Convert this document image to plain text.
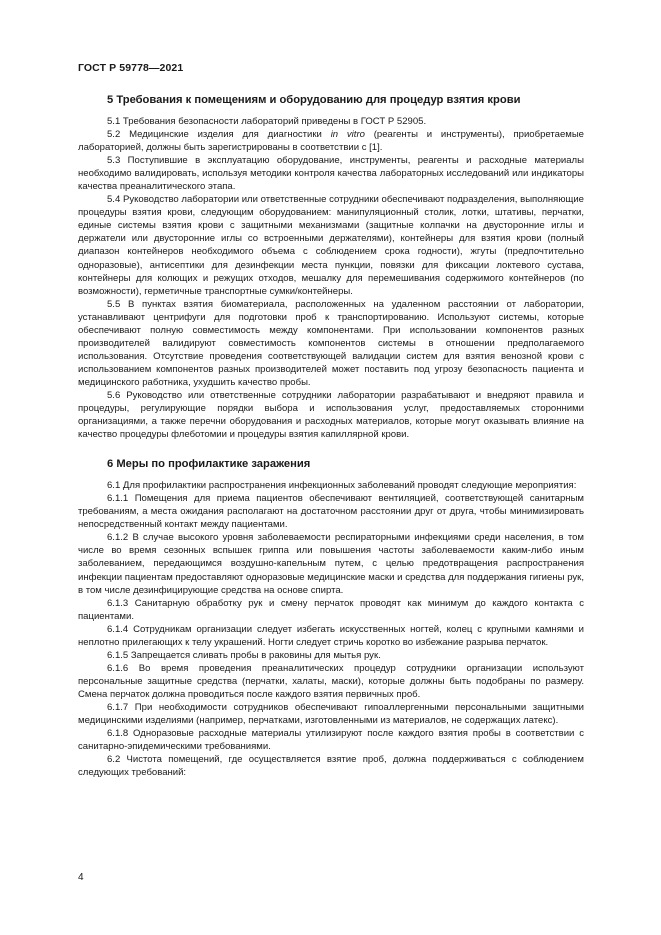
ГОСТ Р 59778—2021
5 Требования к помещениям и оборудованию для процедур взятия крови

5.1 Требования безопасности лабораторий приведены в ГОСТ Р 52905.

5.2 Медицинские изделия для диагностики in vitro (реагенты и инструменты), приобретаемые лабораторией, должны быть зарегистрированы в соответствии с [1].

5.3 Поступившие в эксплуатацию оборудование, инструменты, реагенты и расходные материалы необходимо валидировать, используя методики контроля качества лабораторных исследований или индикаторы качества преаналитического этапа.

5.4 Руководство лаборатории или ответственные сотрудники обеспечивают подразделения, выполняющие процедуры взятия крови, следующим оборудованием: манипуляционный столик, лотки, штативы, перчатки, единые системы взятия крови с защитными механизмами (защитные колпачки на двусторонние иглы и держатели или двусторонние иглы со встроенными держателями), контейнеры для взятия крови (полный диапазон контейнеров необходимого объема с соблюдением срока годности), жгуты (предпочтительно одноразовые), антисептики для дезинфекции места пункции, повязки для фиксации локтевого сустава, контейнеры для колющих и режущих отходов, мешалку для перемешивания содержимого контейнеров (по возможности), герметичные транспортные сумки/контейнеры.

5.5 В пунктах взятия биоматериала, расположенных на удаленном расстоянии от лаборатории, устанавливают центрифуги для подготовки проб к транспортированию. Используют системы, которые обеспечивают полную совместимость между компонентами. При использовании компонентов разных производителей валидируют совместимость компонентов системы в отношении предполагаемого использования. Отсутствие проведения соответствующей валидации систем для взятия венозной крови с использованием компонентов разных производителей может поставить под угрозу безопасность пациента и медицинского работника, ухудшить качество пробы.

5.6 Руководство или ответственные сотрудники лаборатории разрабатывают и внедряют правила и процедуры, регулирующие порядки выбора и использования услуг, предоставляемых сторонними организациями, а также перечни оборудования и расходных материалов, которые могут оказывать влияние на качество процедуры флеботомии и процедуры взятия капиллярной крови.

6 Меры по профилактике заражения

6.1 Для профилактики распространения инфекционных заболеваний проводят следующие мероприятия:

6.1.1 Помещения для приема пациентов обеспечивают вентиляцией, соответствующей санитарным требованиям, а места ожидания располагают на достаточном расстоянии друг от друга, чтобы минимизировать непосредственный контакт между пациентами.

6.1.2 В случае высокого уровня заболеваемости респираторными инфекциями среди населения, в том числе во время сезонных вспышек гриппа или повышения частоты заболеваемости каким-либо иным заболеванием, передающимся воздушно-капельным путем, с целью предотвращения распространения инфекции пациентам предоставляют одноразовые медицинские маски и средства для поддержания гигиены рук, в том числе дезинфицирующие средства на основе спирта.

6.1.3 Санитарную обработку рук и смену перчаток проводят как минимум до каждого контакта с пациентами.

6.1.4 Сотрудникам организации следует избегать искусственных ногтей, колец с крупными камнями и неплотно прилегающих к телу украшений. Ногти следует стричь коротко во избежание разрыва перчаток.

6.1.5 Запрещается сливать пробы в раковины для мытья рук.

6.1.6 Во время проведения преаналитических процедур сотрудники организации используют персональные защитные средства (перчатки, халаты, маски), которые должны быть подобраны по размеру. Смена перчаток должна проводиться после каждого взятия первичных проб.

6.1.7 При необходимости сотрудников обеспечивают гипоаллергенными персональными защитными медицинскими изделиями (например, перчатками, изготовленными из материалов, не содержащих латекс).

6.1.8 Одноразовые расходные материалы утилизируют после каждого взятия пробы в соответствии с санитарно-эпидемическими требованиями.

6.2 Чистота помещений, где осуществляется взятие проб, должна поддерживаться с соблюдением следующих требований:

4
